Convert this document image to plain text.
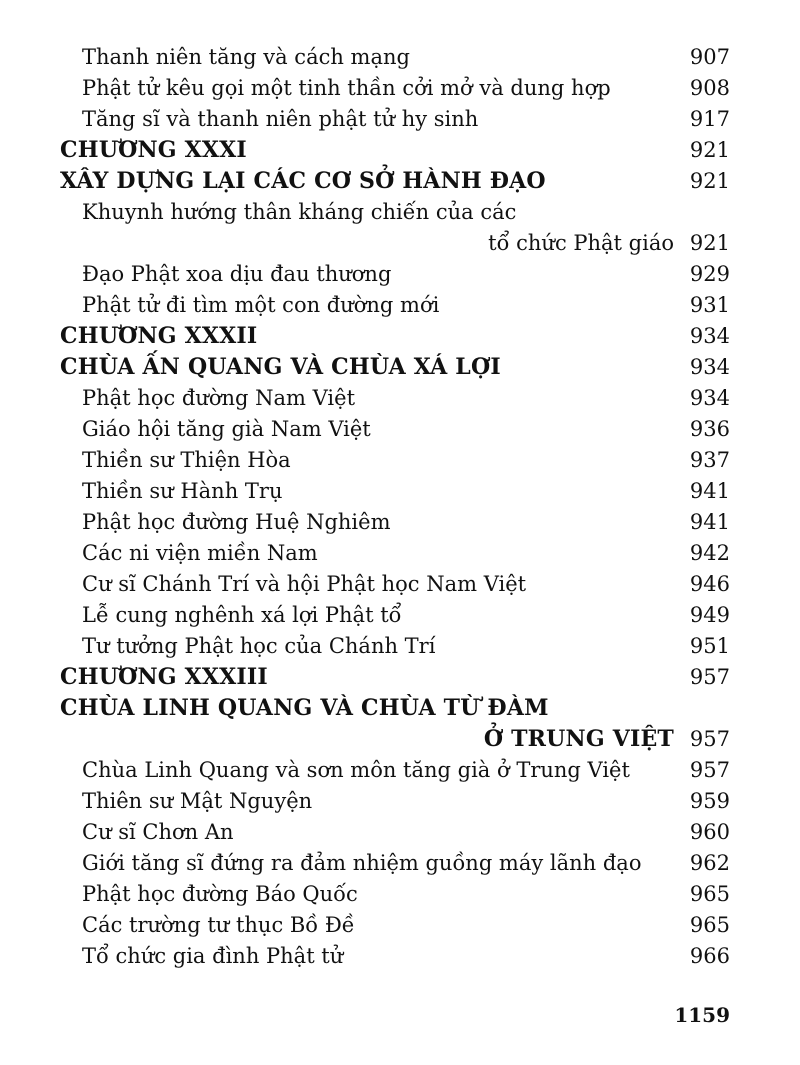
Thanh niên tăng và cách mạng	907
Phật tử kêu gọi một tinh thần cởi mở và dung hợp	908
Tăng sĩ và thanh niên phật tử hy sinh	917
CHƯƠNG XXXI	921
XÂY DỰNG LẠI CÁC CƠ SỞ HÀNH ĐẠO	921
Khuynh hướng thân kháng chiến của các
tổ chức Phật giáo 921
Đạo Phật xoa dịu đau thương	929
Phật tử đi tìm một con đường mới	931
CHƯƠNG XXXII	934
CHÙA ẤN QUANG VÀ CHÙA XÁ LỢI	934
Phật học đường Nam Việt	934
Giáo hội tăng già Nam Việt	936
Thiền sư Thiện Hòa	937
Thiền sư Hành Trụ	941
Phật học đường Huệ Nghiêm	941
Các ni viện miền Nam	942
Cư sĩ Chánh Trí và hội Phật học Nam Việt	946
Lễ cung nghênh xá lợi Phật tổ	949
Tư tưởng Phật học của Chánh Trí	951
CHƯƠNG XXXIII	957
CHÙA LINH QUANG VÀ CHÙA TỪ ĐÀM
Ở TRUNG VIỆT 957
Chùa Linh Quang và sơn môn tăng già ở Trung Việt	957
Thiên sư Mật Nguyện	959
Cư sĩ Chơn An	960
Giới tăng sĩ đứng ra đảm nhiệm guồng máy lãnh đạo 962
Phật học đường Báo Quốc	965
Các trường tư thục Bồ Đề	965
Tổ chức gia đình Phật tử	966
1159
